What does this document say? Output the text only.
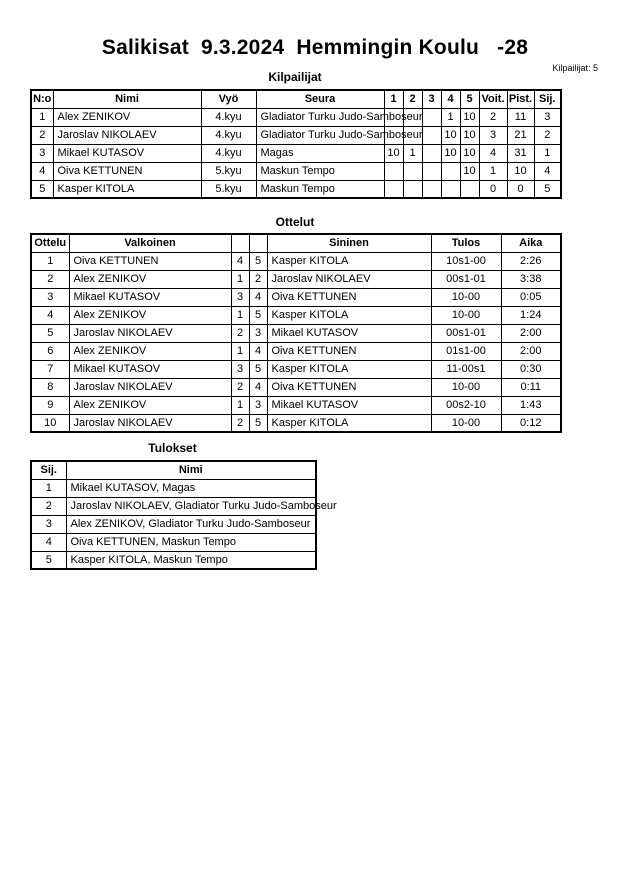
Salikisat  9.3.2024  Hemmingin Koulu   -28
Kilpailijat: 5
Kilpailijat
N:o	Nimi	Vyö	Seura	1	2	3	4	5	Voit.	Pist.	Sij.
1	Alex ZENIKOV	4.kyu	Gladiator Turku Judo-Samboseur				1	10	2	11	3
2	Jaroslav NIKOLAEV	4.kyu	Gladiator Turku Judo-Samboseur				10	10	3	21	2
3	Mikael KUTASOV	4.kyu	Magas	10	1		10	10	4	31	1
4	Oiva KETTUNEN	5.kyu	Maskun Tempo					10	1	10	4
5	Kasper KITOLA	5.kyu	Maskun Tempo						0	0	5
Ottelut
Ottelu	Valkoinen			Sininen	Tulos	Aika
1	Oiva KETTUNEN	4	5	Kasper KITOLA	10s1-00	2:26
2	Alex ZENIKOV	1	2	Jaroslav NIKOLAEV	00s1-01	3:38
3	Mikael KUTASOV	3	4	Oiva KETTUNEN	10-00	0:05
4	Alex ZENIKOV	1	5	Kasper KITOLA	10-00	1:24
5	Jaroslav NIKOLAEV	2	3	Mikael KUTASOV	00s1-01	2:00
6	Alex ZENIKOV	1	4	Oiva KETTUNEN	01s1-00	2:00
7	Mikael KUTASOV	3	5	Kasper KITOLA	11-00s1	0:30
8	Jaroslav NIKOLAEV	2	4	Oiva KETTUNEN	10-00	0:11
9	Alex ZENIKOV	1	3	Mikael KUTASOV	00s2-10	1:43
10	Jaroslav NIKOLAEV	2	5	Kasper KITOLA	10-00	0:12
Tulokset
Sij.	Nimi
1	Mikael KUTASOV, Magas
2	Jaroslav NIKOLAEV, Gladiator Turku Judo-Samboseur
3	Alex ZENIKOV, Gladiator Turku Judo-Samboseur
4	Oiva KETTUNEN, Maskun Tempo
5	Kasper KITOLA, Maskun Tempo
